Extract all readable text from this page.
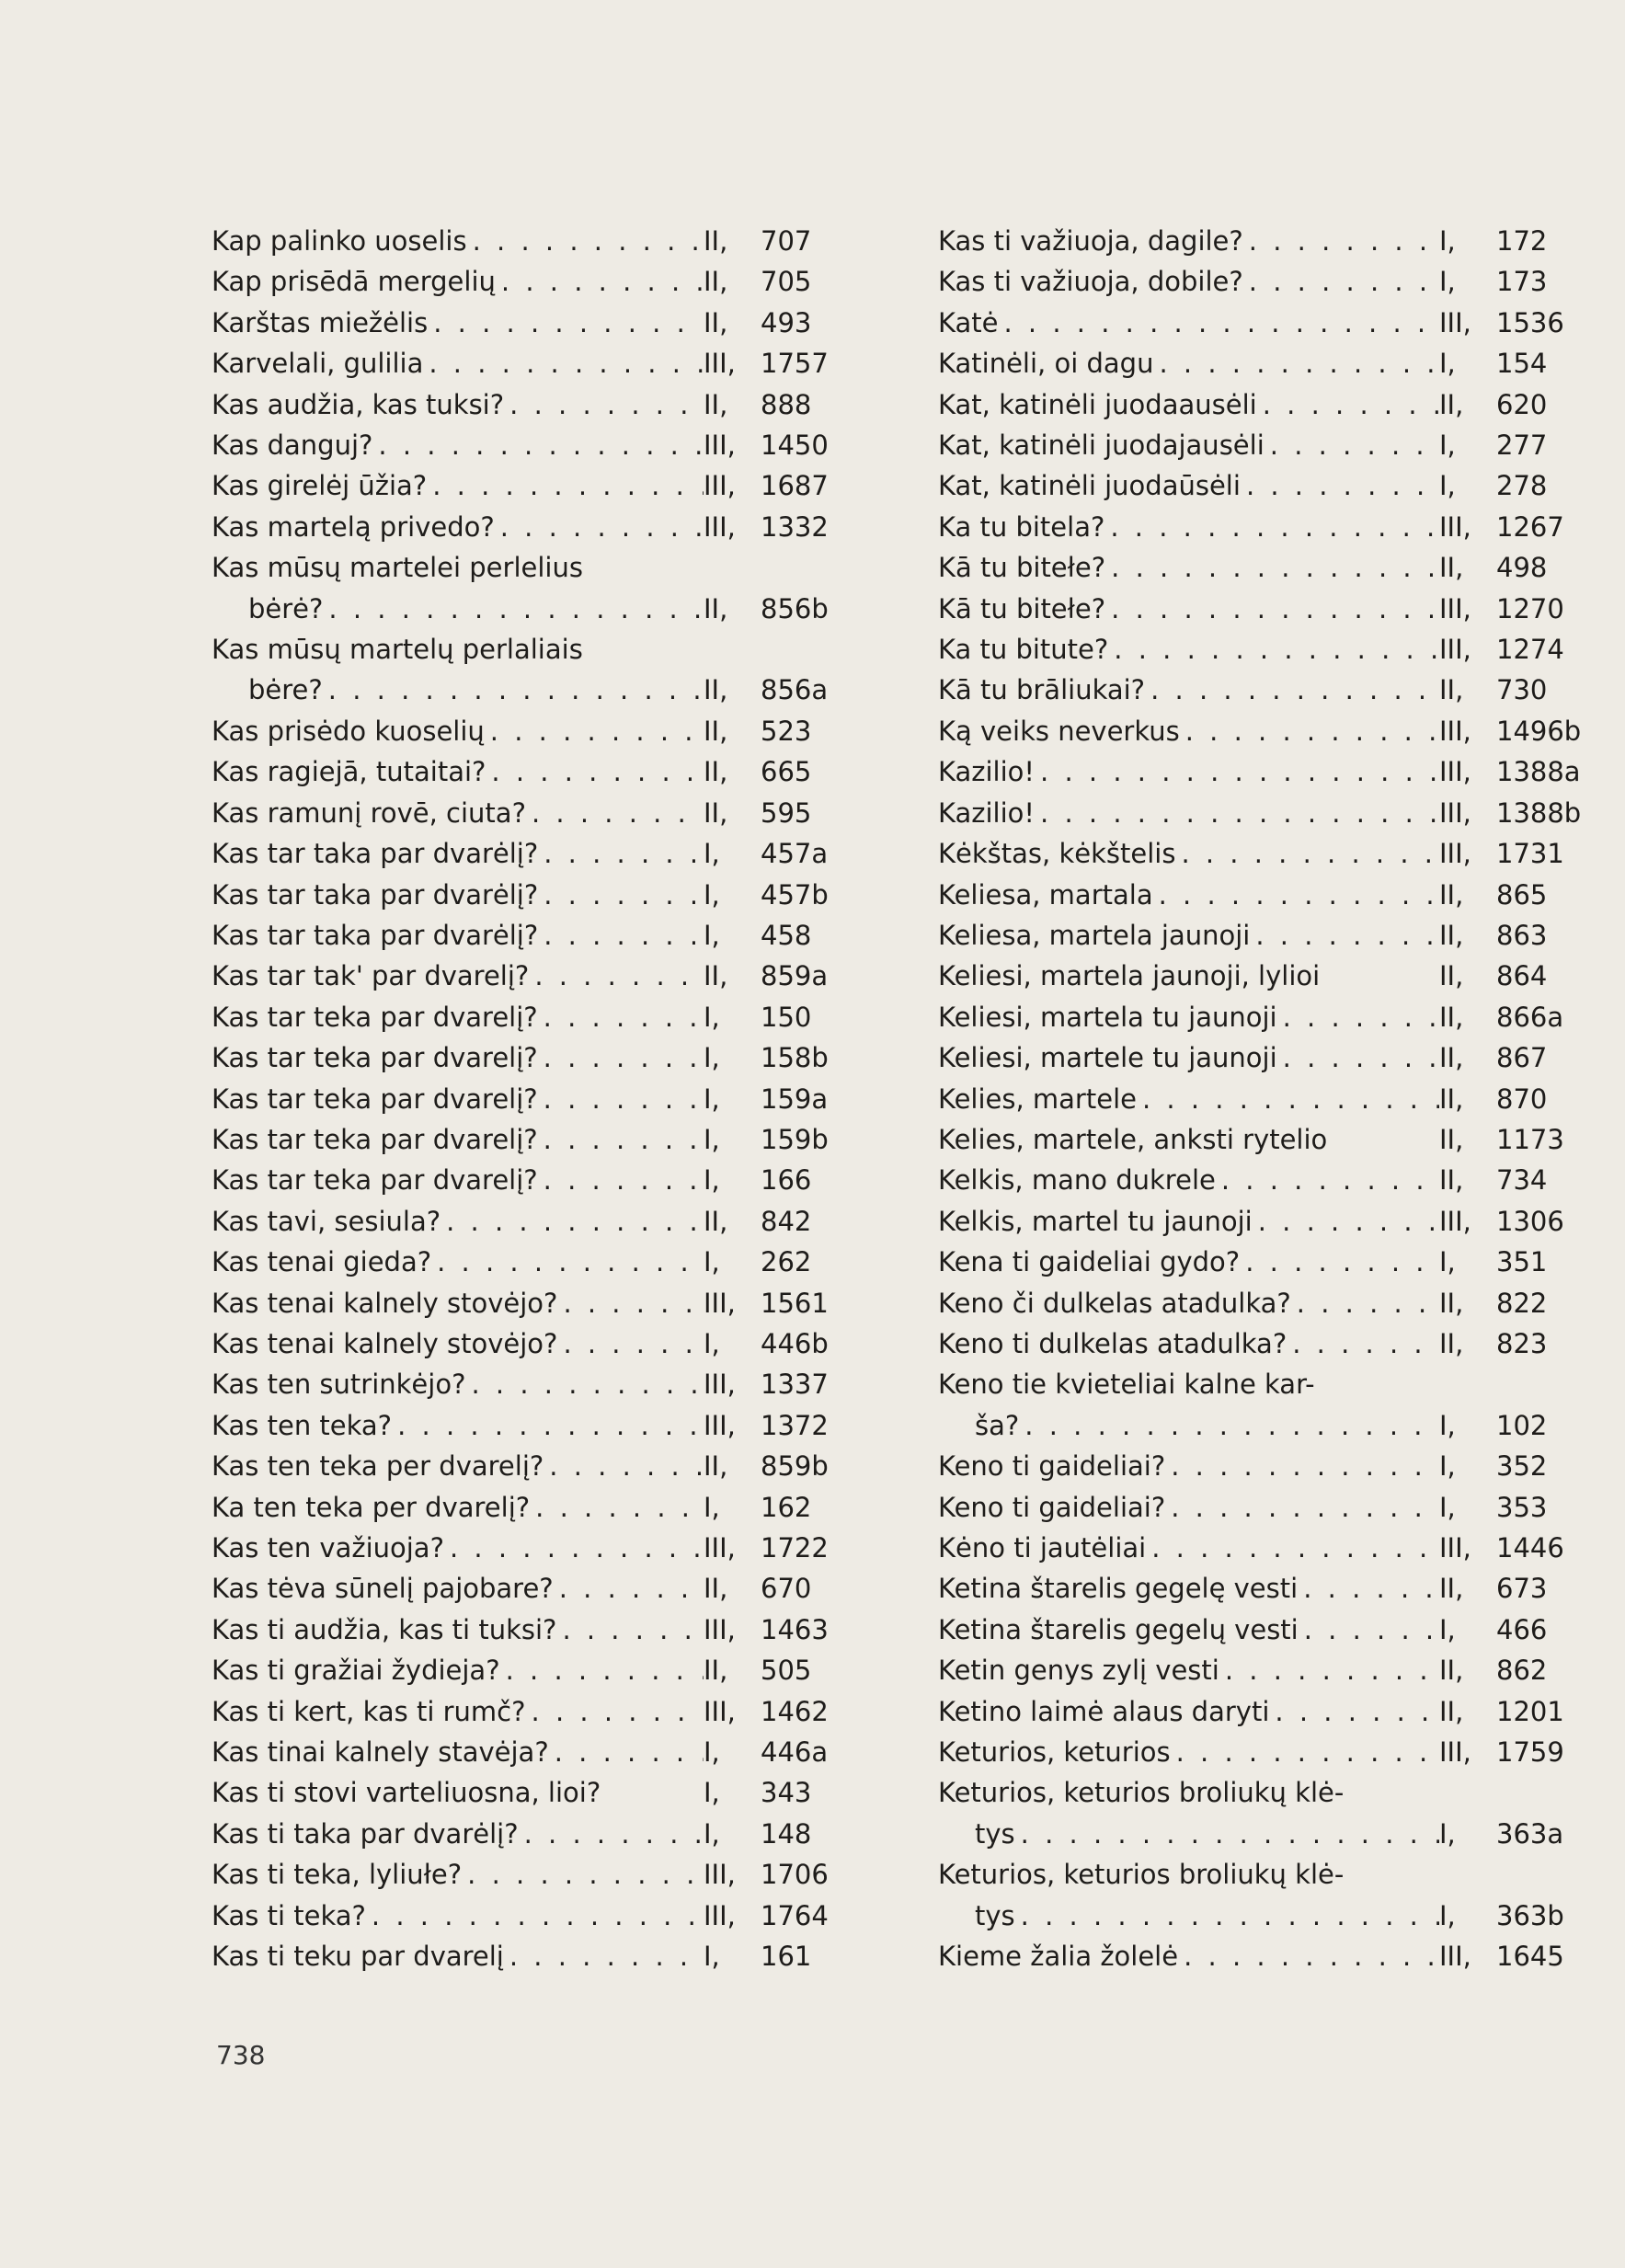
Kap palinko uoselis . . .	II,	707
Kap prisēdā mergelių . . .	II,	705
Karštas miežėlis . . .	II,	493
Karvelali, gulilia . . .	III, 1757
Kas audžia, kas tuksi? . . .	II,	888
Kas danguj? . . .	III, 1450
Kas girelėj ūžia? . . .	III, 1687
Kas martelą privedo? . . .	III, 1332
Kas mūsų martelei perlelius
bėrė? . . .	II,	856b
Kas mūsų martelų perlaliais
bėre? . . .	II,	856a
Kas prisėdo kuoselių . . .	II,	523
Kas ragiejā, tutaitai? . . .	II,	665
Kas ramunį rovē, ciuta? . . .	II,	595
Kas tar taka par dvarėlį? . . .	I,	457a
Kas tar taka par dvarėlį? . . .	I,	457b
Kas tar taka par dvarėlį? . . .	I,	458
Kas tar tak' par dvarelį? . . .	II,	859a
Kas tar teka par dvarelį? . . .	I,	150
Kas tar teka par dvarelį? . . .	I,	158b
Kas tar teka par dvarelį? . . .	I,	159a
Kas tar teka par dvarelį? . . .	I,	159b
Kas tar teka par dvarelį? . . .	I,	166
Kas tavi, sesiula? . . .	II,	842
Kas tenai gieda? . . .	I,	262
Kas tenai kalnely stovėjo? . . .	III, 1561
Kas tenai kalnely stovėjo? . . .	I,	446b
Kas ten sutrinkėjo? . . .	III, 1337
Kas ten teka? . . .	III, 1372
Kas ten teka per dvarelį? . . .	II,	859b
Ka ten teka per dvarelį? . . .	I,	162
Kas ten važiuoja? . . .	III, 1722
Kas tėva sūnelį pajobare? . . .	II,	670
Kas ti audžia, kas ti tuksi? . . .	III, 1463
Kas ti gražiai žydieja? . . .	II,	505
Kas ti kert, kas ti rumč? . . .	III, 1462
Kas tinai kalnely stavėja? . . .	I,	446a
Kas ti stovi varteliuosna, lioi?	I,	343
Kas ti taka par dvarėlį? . . .	I,	148
Kas ti teka, lyliułe? . . .	III, 1706
Kas ti teka? . . .	III, 1764
Kas ti teku par dvarelį . . .	I,	161
Kas ti važiuoja, dagile? . . .	I,	172
Kas ti važiuoja, dobile? . . .	I,	173
Katė . . .	III, 1536
Katinėli, oi dagu . . .	I,	154
Kat, katinėli juodaausėli . . .	II,	620
Kat, katinėli juodajausėli . . .	I,	277
Kat, katinėli juodaūsėli . . .	I,	278
Ka tu bitela? . . .	III, 1267
Kā tu bitełe? . . .	II,	498
Kā tu bitełe? . . .	III, 1270
Ka tu bitute? . . .	III, 1274
Kā tu brāliukai? . . .	II,	730
Ką veiks neverkus . . .	III, 1496b
Kazilio! . . .	III, 1388a
Kazilio! . . .	III, 1388b
Kėkštas, kėkštelis . . .	III, 1731
Keliesa, martala . . .	II,	865
Keliesa, martela jaunoji . . .	II,	863
Keliesi, martela jaunoji, lylioi	II,	864
Keliesi, martela tu jaunoji . . .	II,	866a
Keliesi, martele tu jaunoji . . .	II,	867
Kelies, martele . . .	II,	870
Kelies, martele, anksti rytelio	II,	1173
Kelkis, mano dukrele . . .	II,	734
Kelkis, martel tu jaunoji . . .	III, 1306
Kena ti gaideliai gydo? . . .	I,	351
Keno či dulkelas atadulka? . . .	II,	822
Keno ti dulkelas atadulka? . . .	II,	823
Keno tie kvieteliai kalne kar-
ša? . . .	I,	102
Keno ti gaideliai? . . .	I,	352
Keno ti gaideliai? . . .	I,	353
Kėno ti jautėliai . . .	III, 1446
Ketina štarelis gegelę vesti . . .	II,	673
Ketina štarelis gegelų vesti . . .	I,	466
Ketin genys zylį vesti . . .	II,	862
Ketino laimė alaus daryti . . .	II,	1201
Keturios, keturios . . .	III, 1759
Keturios, keturios broliukų klė-
tys . . .	I,	363a
Keturios, keturios broliukų klė-
tys . . .	I,	363b
Kieme žalia žolelė . . .	III, 1645
738
